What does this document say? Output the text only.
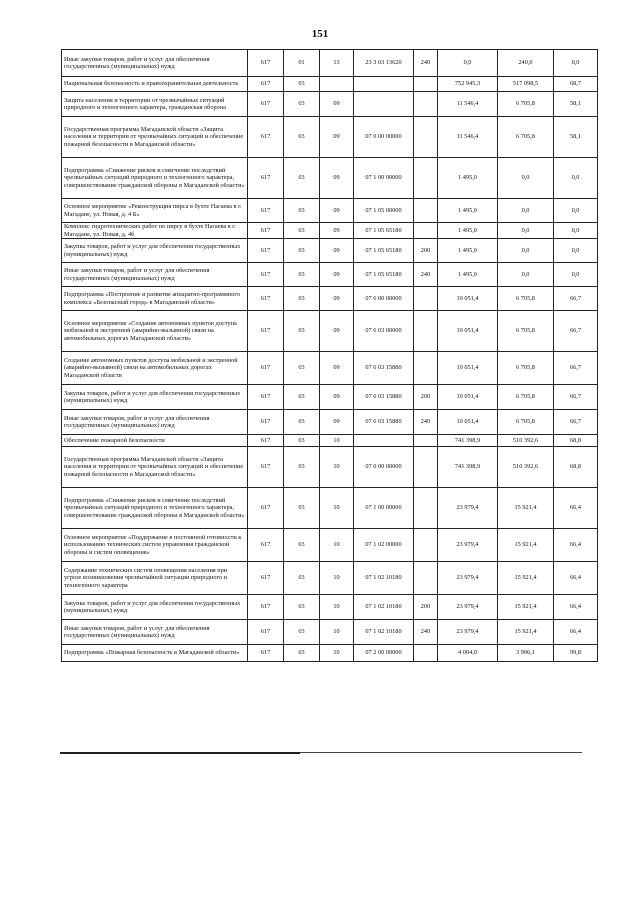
151
Иные закупки товаров, работ и услуг для обеспечения государственных (муниципальных) нужд	617	01	13	23 3 03 13620	240	0,0	240,0	0,0
Национальная безопасность и правоохранительная деятельность	617	03				752 945,3	517 098,5	68,7
Защита населения и территории от чрезвычайных ситуаций природного и техногенного характера, гражданская оборона	617	03	09			11 546,4	6 705,8	58,1
Государственная программа Магаданской области «Защита населения и территории от чрезвычайных ситуаций и обеспечение пожарной безопасности в Магаданской области»	617	03	09	07 0 00 00000		11 546,4	6 705,8	58,1
Подпрограмма «Снижение рисков и смягчение последствий чрезвычайных ситуаций природного и техногенного характера, совершенствование гражданской обороны в Магаданской области»	617	03	09	07 1 00 00000		1 495,0	0,0	0,0
Основное мероприятие «Реконструкция пирса в бухте Нагаева в г. Магадане, ул. Новая, д. 4 Б»	617	03	09	07 1 05 00000		1 495,0	0,0	0,0
Комплекс гидротехнических работ по пирсу в бухте Нагаева в г. Магадане, ул. Новая, д. 4б	617	03	09	07 1 05 65180		1 495,0	0,0	0,0
Закупка товаров, работ и услуг для обеспечения государственных (муниципальных) нужд	617	03	09	07 1 05 65180	200	1 495,0	0,0	0,0
Иные закупки товаров, работ и услуг для обеспечения государственных (муниципальных) нужд	617	03	09	07 1 05 65180	240	1 495,0	0,0	0,0
Подпрограмма «Построение и развитие аппаратно-программного комплекса «Безопасный город» в Магаданской области»	617	03	09	07 6 00 00000		10 051,4	6 705,8	66,7
Основное мероприятие «Создание автономных пунктов доступа мобильной и экстренной (аварийно-вызывной) связи на автомобильных дорогах Магаданской области»	617	03	09	07 6 03 00000		10 051,4	6 705,8	66,7
Создание автономных пунктов доступа мобильной и экстренной (аварийно-вызывной) связи на автомобильных дорогах Магаданской области	617	03	09	07 6 03 15880		10 051,4	6 705,8	66,7
Закупка товаров, работ и услуг для обеспечения государственных (муниципальных) нужд	617	03	09	07 6 03 15880	200	10 051,4	6 705,8	66,7
Иные закупки товаров, работ и услуг для обеспечения государственных (муниципальных) нужд	617	03	09	07 6 03 15880	240	10 051,4	6 705,8	66,7
Обеспечение пожарной безопасности	617	03	10			741 398,9	510 392,6	68,8
Государственная программа Магаданской области «Защита населения и территории от чрезвычайных ситуаций и обеспечение пожарной безопасности в Магаданской области»	617	03	10	07 0 00 00000		741 398,9	510 392,6	68,8
Подпрограмма «Снижение рисков и смягчение последствий чрезвычайных ситуаций природного и техногенного характера, совершенствование гражданской обороны в Магаданской области»	617	03	10	07 1 00 00000		23 979,4	15 921,4	66,4
Основное мероприятие «Поддержание в постоянной готовности к использованию технических систем управления гражданской обороны и систем оповещения»	617	03	10	07 1 02 00000		23 979,4	15 921,4	66,4
Содержание технических систем оповещения населения при угрозе возникновения чрезвычайной ситуации природного и техногенного характера	617	03	10	07 1 02 10180		23 979,4	15 921,4	66,4
Закупка товаров, работ и услуг для обеспечения государственных (муниципальных) нужд	617	03	10	07 1 02 10180	200	23 979,4	15 921,4	66,4
Иные закупки товаров, работ и услуг для обеспечения государственных (муниципальных) нужд	617	03	10	07 1 02 10180	240	23 979,4	15 921,4	66,4
Подпрограмма «Пожарная безопасность в Магаданской области»	617	03	10	07 2 00 00000		4 004,0	3 996,1	99,8
